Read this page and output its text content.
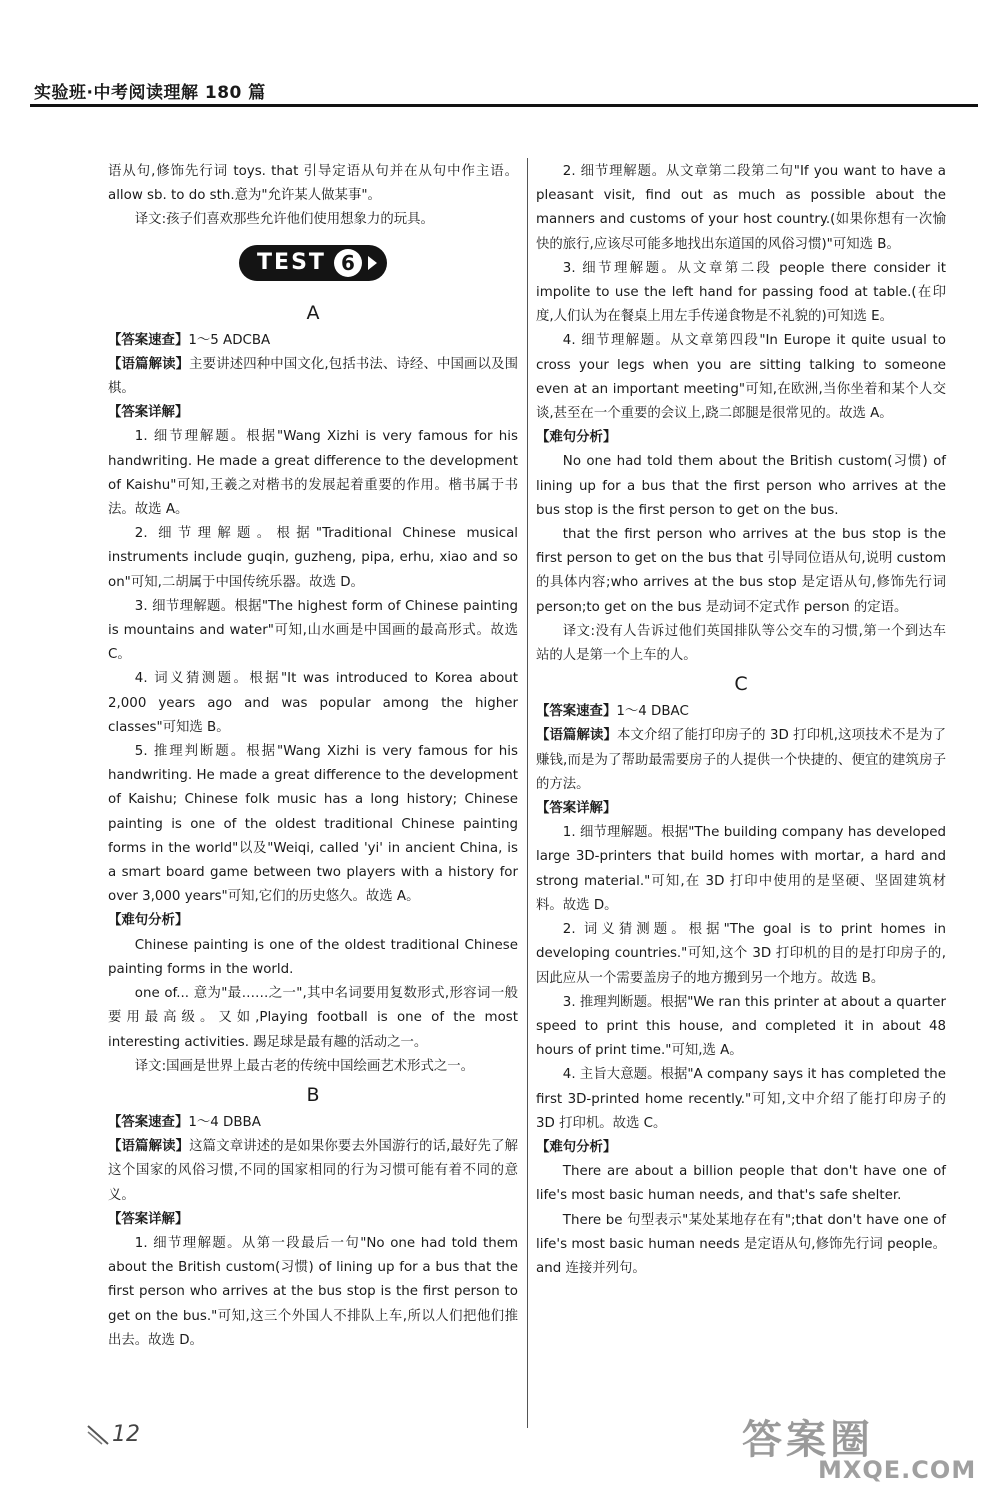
实验班·中考阅读理解 180 篇

语从句,修饰先行词 toys. that 引导定语从句并在从句中作主语。allow sb. to do sth.意为"允许某人做某事"。

译文:孩子们喜欢那些允许他们使用想象力的玩具。

TEST 6
A

【答案速查】1～5 ADCBA

【语篇解读】主要讲述四种中国文化,包括书法、诗经、中国画以及围棋。

【答案详解】

1. 细节理解题。根据"Wang Xizhi is very famous for his handwriting. He made a great difference to the development of Kaishu"可知,王羲之对楷书的发展起着重要的作用。楷书属于书法。故选 A。

2. 细节理解题。根据"Traditional Chinese musical instruments include guqin, guzheng, pipa, erhu, xiao and so on"可知,二胡属于中国传统乐器。故选 D。

3. 细节理解题。根据"The highest form of Chinese painting is mountains and water"可知,山水画是中国画的最高形式。故选 C。

4. 词义猜测题。根据"It was introduced to Korea about 2,000 years ago and was popular among the higher classes"可知选 B。

5. 推理判断题。根据"Wang Xizhi is very famous for his handwriting. He made a great difference to the development of Kaishu; Chinese folk music has a long history; Chinese painting is one of the oldest traditional Chinese painting forms in the world"以及"Weiqi, called 'yi' in ancient China, is a smart board game between two players with a history for over 3,000 years"可知,它们的历史悠久。故选 A。

【难句分析】

Chinese painting is one of the oldest traditional Chinese painting forms in the world.

one of... 意为"最……之一",其中名词要用复数形式,形容词一般要用最高级。又如,Playing football is one of the most interesting activities. 踢足球是最有趣的活动之一。

译文:国画是世界上最古老的传统中国绘画艺术形式之一。

B

【答案速查】1～4 DBBA

【语篇解读】这篇文章讲述的是如果你要去外国游行的话,最好先了解这个国家的风俗习惯,不同的国家相同的行为习惯可能有着不同的意义。

【答案详解】

1. 细节理解题。从第一段最后一句"No one had told them about the British custom(习惯) of lining up for a bus that the first person who arrives at the bus stop is the first person to get on the bus."可知,这三个外国人不排队上车,所以人们把他们推出去。故选 D。

2. 细节理解题。从文章第二段第二句"If you want to have a pleasant visit, find out as much as possible about the manners and customs of your host country.(如果你想有一次愉快的旅行,应该尽可能多地找出东道国的风俗习惯)"可知选 B。

3. 细节理解题。从文章第二段 people there consider it impolite to use the left hand for passing food at table.(在印度,人们认为在餐桌上用左手传递食物是不礼貌的)可知选 E。

4. 细节理解题。从文章第四段"In Europe it quite usual to cross your legs when you are sitting talking to someone even at an important meeting"可知,在欧洲,当你坐着和某个人交谈,甚至在一个重要的会议上,跷二郎腿是很常见的。故选 A。

【难句分析】

No one had told them about the British custom(习惯) of lining up for a bus that the first person who arrives at the bus stop is the first person to get on the bus.

that the first person who arrives at the bus stop is the first person to get on the bus that 引导同位语从句,说明 custom 的具体内容;who arrives at the bus stop 是定语从句,修饰先行词 person;to get on the bus 是动词不定式作 person 的定语。

译文:没有人告诉过他们英国排队等公交车的习惯,第一个到达车站的人是第一个上车的人。

C

【答案速查】1～4 DBAC

【语篇解读】本文介绍了能打印房子的 3D 打印机,这项技术不是为了赚钱,而是为了帮助最需要房子的人提供一个快捷的、便宜的建筑房子的方法。

【答案详解】

1. 细节理解题。根据"The building company has developed large 3D-printers that build homes with mortar, a hard and strong material."可知,在 3D 打印中使用的是坚硬、坚固建筑材料。故选 D。

2. 词义猜测题。根据"The goal is to print homes in developing countries."可知,这个 3D 打印机的目的是打印房子的,因此应从一个需要盖房子的地方搬到另一个地方。故选 B。

3. 推理判断题。根据"We ran this printer at about a quarter speed to print this house, and completed it in about 48 hours of print time."可知,选 A。

4. 主旨大意题。根据"A company says it has completed the first 3D-printed home recently."可知,文中介绍了能打印房子的 3D 打印机。故选 C。

【难句分析】

There are about a billion people that don't have one of life's most basic human needs, and that's safe shelter.

There be 句型表示"某处某地存在有";that don't have one of life's most basic human needs 是定语从句,修饰先行词 people。and 连接并列句。

12	答案圈
MXQE.COM
